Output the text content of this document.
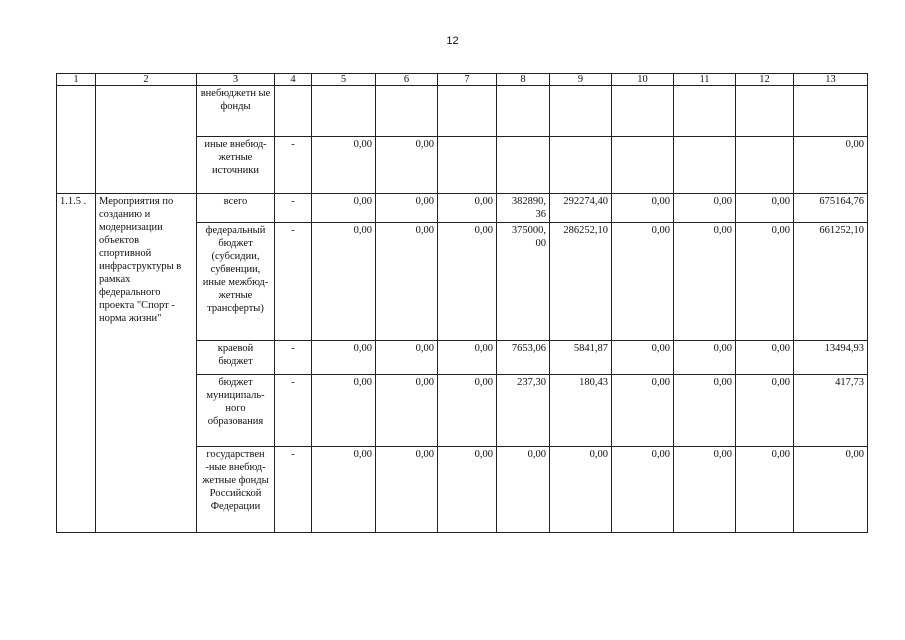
12
1	2	3	4	5	6	7	8	9	10	11	12	13
		внебюджетн ые фонды										
		иные внебюд- жетные источники	-	0,00	0,00							0,00
1.1.5 .	Мероприятия по созданию и модернизации объектов спортивной инфраструктуры в рамках федерального проекта "Спорт - норма жизни"	всего	-	0,00	0,00	0,00	382890, 36	292274,40	0,00	0,00	0,00	675164,76
		федеральный бюджет (субсидии, субвенции, иные межбюд- жетные трансферты)	-	0,00	0,00	0,00	375000, 00	286252,10	0,00	0,00	0,00	661252,10
		краевой бюджет	-	0,00	0,00	0,00	7653,06	5841,87	0,00	0,00	0,00	13494,93
		бюджет муниципаль- ного образования	-	0,00	0,00	0,00	237,30	180,43	0,00	0,00	0,00	417,73
		государствен -ные внебюд- жетные фонды Российской Федерации	-	0,00	0,00	0,00	0,00	0,00	0,00	0,00	0,00	0,00
